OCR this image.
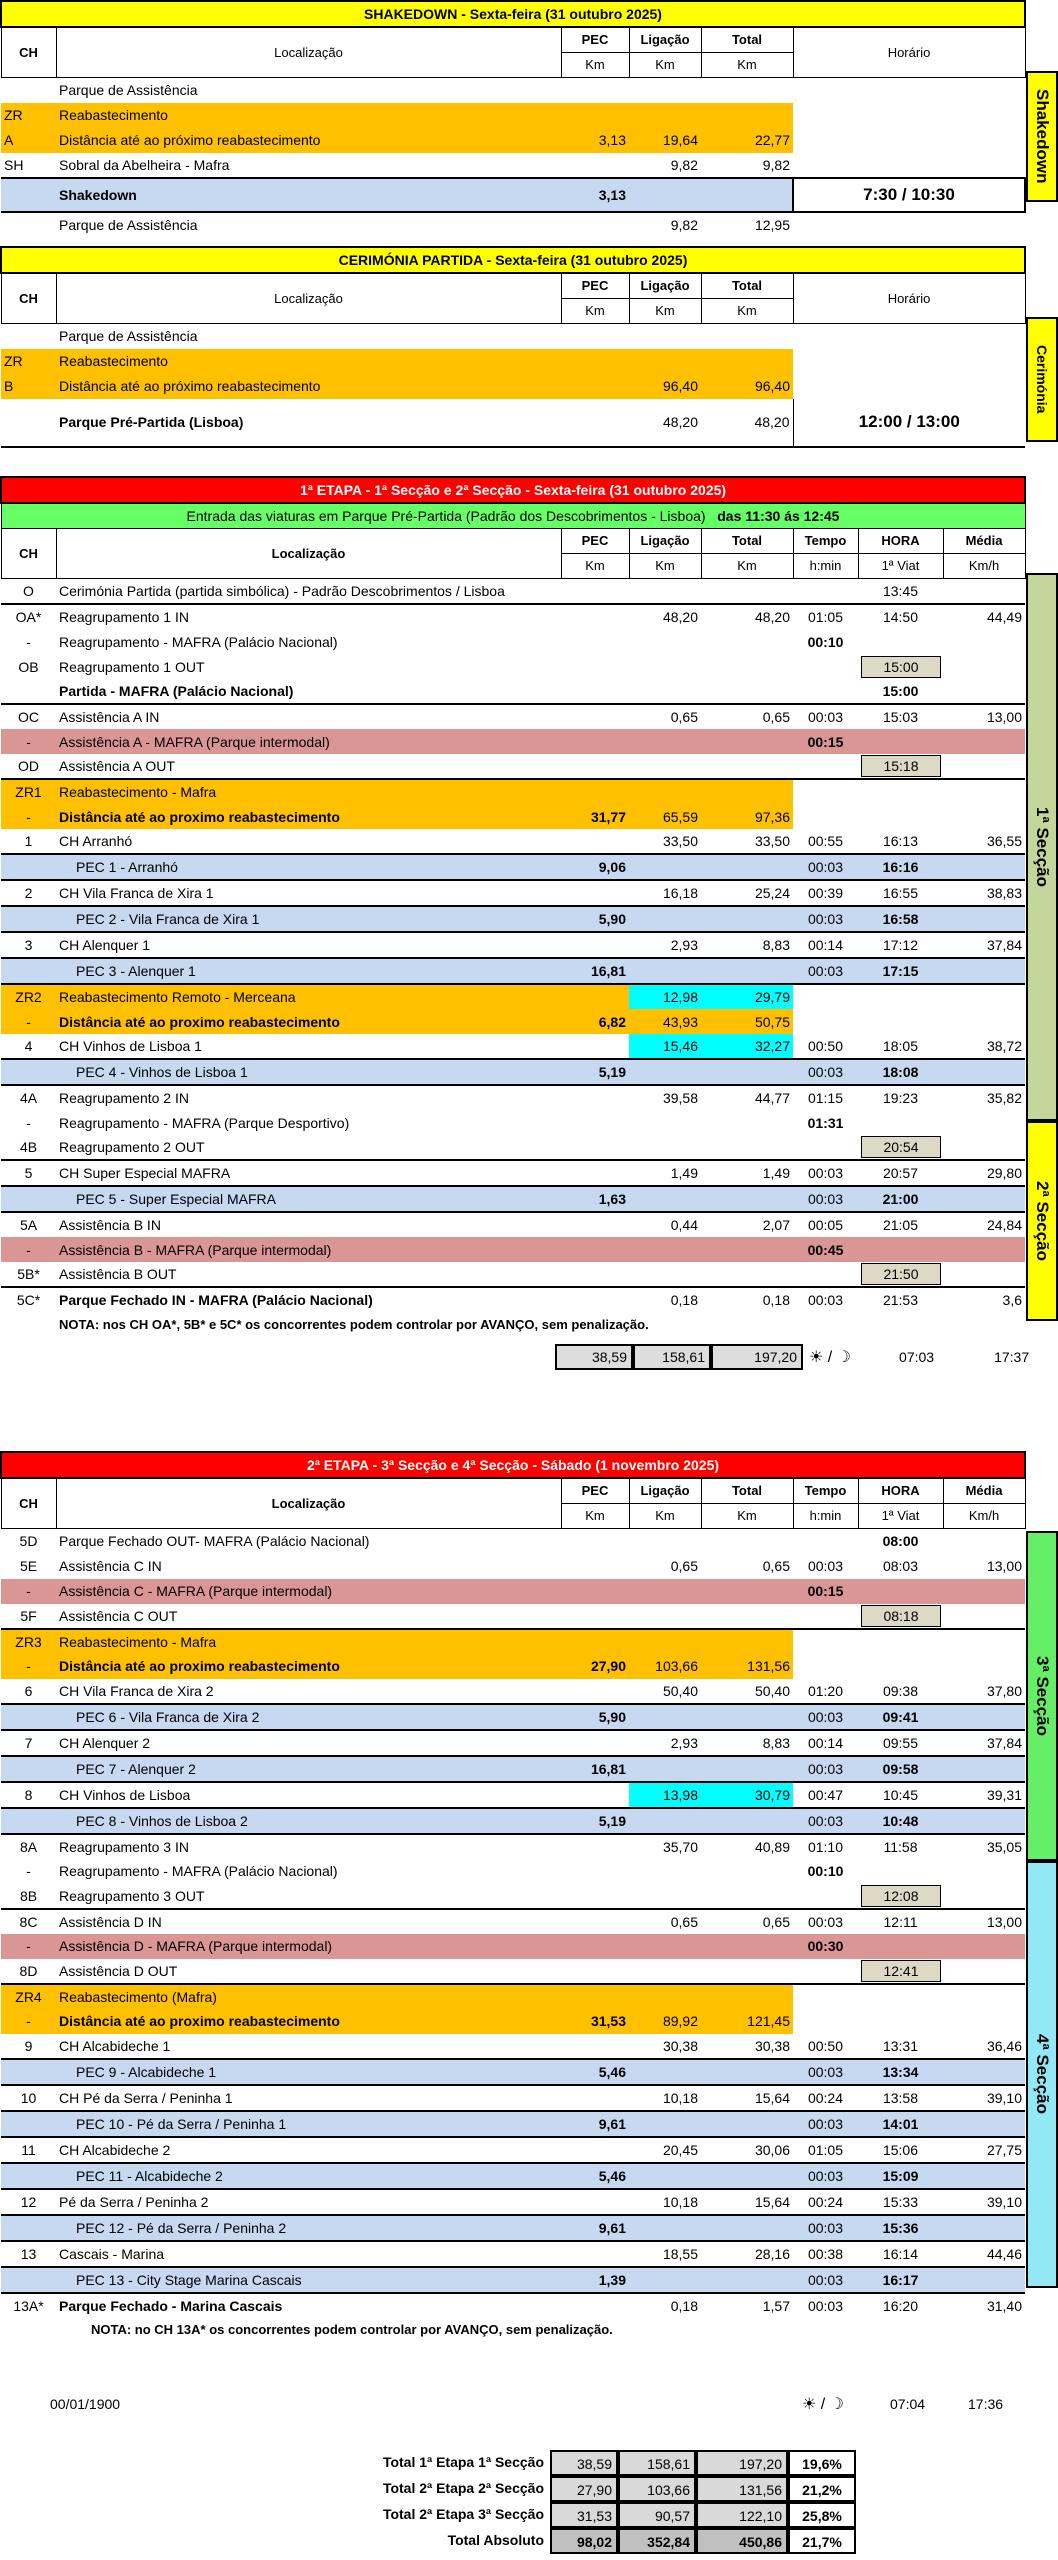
SHAKEDOWN - Sexta-feira (31 outubro 2025)					
CH	Localização	PEC	Ligação	Total	Horário
		Km	Km	Km	
	Parque de Assistência				
ZR	Reabastecimento				
A	Distância até ao próximo reabastecimento	3,13	19,64	22,77	
SH	Sobral da Abelheira - Mafra		9,82	9,82	
	Shakedown	3,13			7:30 / 10:30
	Parque de Assistência		9,82	12,95	
Shakedown
CERIMÓNIA PARTIDA - Sexta-feira (31 outubro 2025)					
CH	Localização	PEC	Ligação	Total	Horário
		Km	Km	Km	
	Parque de Assistência				
ZR	Reabastecimento				
B	Distância até ao próximo reabastecimento		96,40	96,40	
	Parque Pré-Partida (Lisboa)		48,20	48,20	12:00 / 13:00
Cerimónia
1ª ETAPA - 1ª Secção e 2ª Secção - Sexta-feira (31 outubro 2025)							
Entrada das viaturas em Parque Pré-Partida (Padrão dos Descobrimentos - Lisboa) das 11:30 ás 12:45							
CH	Localização	PEC	Ligação	Total	Tempo	HORA	Média
		Km	Km	Km	h:min	1ª Viat	Km/h
O	Cerimónia Partida (partida simbólica) - Padrão Descobrimentos / Lisboa					13:45	
OA*	Reagrupamento 1 IN		48,20	48,20	01:05	14:50	44,49
-	Reagrupamento - MAFRA (Palácio Nacional)				00:10		
OB	Reagrupamento 1 OUT					15:00	
	Partida - MAFRA (Palácio Nacional)					15:00	
OC	Assistência A IN		0,65	0,65	00:03	15:03	13,00
-	Assistência A - MAFRA (Parque intermodal)				00:15		
OD	Assistência A OUT					15:18	
ZR1	Reabastecimento - Mafra						
-	Distância até ao proximo reabastecimento	31,77	65,59	97,36			
1	CH Arranhó		33,50	33,50	00:55	16:13	36,55
	PEC 1 - Arranhó	9,06			00:03	16:16	
2	CH Vila Franca de Xira 1		16,18	25,24	00:39	16:55	38,83
	PEC 2 - Vila Franca de Xira 1	5,90			00:03	16:58	
3	CH Alenquer 1		2,93	8,83	00:14	17:12	37,84
	PEC 3 - Alenquer 1	16,81			00:03	17:15	
ZR2	Reabastecimento Remoto - Merceana		12,98	29,79			
-	Distância até ao proximo reabastecimento	6,82	43,93	50,75			
4	CH Vinhos de Lisboa 1		15,46	32,27	00:50	18:05	38,72
	PEC 4 - Vinhos de Lisboa 1	5,19			00:03	18:08	
4A	Reagrupamento 2 IN		39,58	44,77	01:15	19:23	35,82
-	Reagrupamento - MAFRA (Parque Desportivo)				01:31		
4B	Reagrupamento 2 OUT					20:54	
5	CH Super Especial MAFRA		1,49	1,49	00:03	20:57	29,80
	PEC 5 - Super Especial MAFRA	1,63			00:03	21:00	
5A	Assistência B IN		0,44	2,07	00:05	21:05	24,84
-	Assistência B - MAFRA (Parque intermodal)				00:45		
5B*	Assistência B OUT					21:50	
5C*	Parque Fechado IN - MAFRA (Palácio Nacional)		0,18	0,18	00:03	21:53	3,6
	NOTA: nos CH OA*, 5B* e 5C* os concorrentes podem controlar por AVANÇO, sem penalização.						
1ª Secção
2ª Secção
38,59	158,61	197,20 ☀ / ☽	07:03	17:37
2ª ETAPA - 3ª Secção e 4ª Secção - Sábado (1 novembro 2025)							
CH	Localização	PEC	Ligação	Total	Tempo	HORA	Média
		Km	Km	Km	h:min	1ª Viat	Km/h
5D	Parque Fechado OUT- MAFRA (Palácio Nacional)					08:00	
5E	Assistência C IN		0,65	0,65	00:03	08:03	13,00
-	Assistência C - MAFRA (Parque intermodal)				00:15		
5F	Assistência C OUT					08:18	
ZR3	Reabastecimento - Mafra						
-	Distância até ao proximo reabastecimento	27,90	103,66	131,56			
6	CH Vila Franca de Xira 2		50,40	50,40	01:20	09:38	37,80
	PEC 6 - Vila Franca de Xira 2	5,90			00:03	09:41	
7	CH Alenquer 2		2,93	8,83	00:14	09:55	37,84
	PEC 7 - Alenquer 2	16,81			00:03	09:58	
8	CH Vinhos de Lisboa		13,98	30,79	00:47	10:45	39,31
	PEC 8 - Vinhos de Lisboa 2	5,19			00:03	10:48	
8A	Reagrupamento 3 IN		35,70	40,89	01:10	11:58	35,05
-	Reagrupamento - MAFRA (Palácio Nacional)				00:10		
8B	Reagrupamento 3 OUT					12:08	
8C	Assistência D IN		0,65	0,65	00:03	12:11	13,00
-	Assistência D - MAFRA (Parque intermodal)				00:30		
8D	Assistência D OUT					12:41	
ZR4	Reabastecimento (Mafra)						
-	Distância até ao proximo reabastecimento	31,53	89,92	121,45			
9	CH Alcabideche 1		30,38	30,38	00:50	13:31	36,46
	PEC 9 - Alcabideche 1	5,46			00:03	13:34	
10	CH Pé da Serra / Peninha 1		10,18	15,64	00:24	13:58	39,10
	PEC 10 - Pé da Serra / Peninha 1	9,61			00:03	14:01	
11	CH Alcabideche 2		20,45	30,06	01:05	15:06	27,75
	PEC 11 - Alcabideche 2	5,46			00:03	15:09	
12	Pé da Serra / Peninha 2		10,18	15,64	00:24	15:33	39,10
	PEC 12 - Pé da Serra / Peninha 2	9,61			00:03	15:36	
13	Cascais - Marina		18,55	28,16	00:38	16:14	44,46
	PEC 13 - City Stage Marina Cascais	1,39			00:03	16:17	
13A*	Parque Fechado - Marina Cascais		0,18	1,57	00:03	16:20	31,40
	NOTA: no CH 13A* os concorrentes podem controlar por AVANÇO, sem penalização.						
3ª Secção
4ª Secção
00/01/1900	☀ / ☽	07:04	17:36
Total 1ª Etapa 1ª Secção	38,59	158,61	197,20	19,6%
Total 2ª Etapa 2ª Secção	27,90	103,66	131,56	21,2%
Total 2ª Etapa 3ª Secção	31,53	90,57	122,10	25,8%
Total Absoluto	98,02	352,84	450,86	21,7%
